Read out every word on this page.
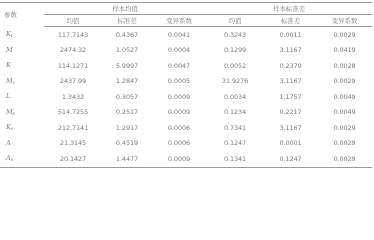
参数	样本均值			样本标准差		
	均值	标准差	变异系数	均值	标准差	变异系数
$K_t$	117.7143	0.4367	0.0041	0.3243	0.0011	0.0029
M	2474.32	1.0527	0.0004	0.1299	3.1167	0.0419
K	114.1271	5.9997	0.0047	0.0052	0.2379	0.0028
$M_c$	2437.99	1.2847	0.0005	31.9276	3.1167	0.0029
L	1.3432	0.3057	0.0009	0.0034	1.1757	0.0049
$M_s$	514.7255	0.2517	0.0009	0.1234	0.2217	0.0049
$K_s$	212.7141	1.2917	0.0006	0.7341	3.1167	0.0029
A	21.3145	0.4519	0.0006	0.1247	0.0001	0.0029
$A_s$	20.1427	1.4477	0.0009	0.1341	0.1247	0.0029
